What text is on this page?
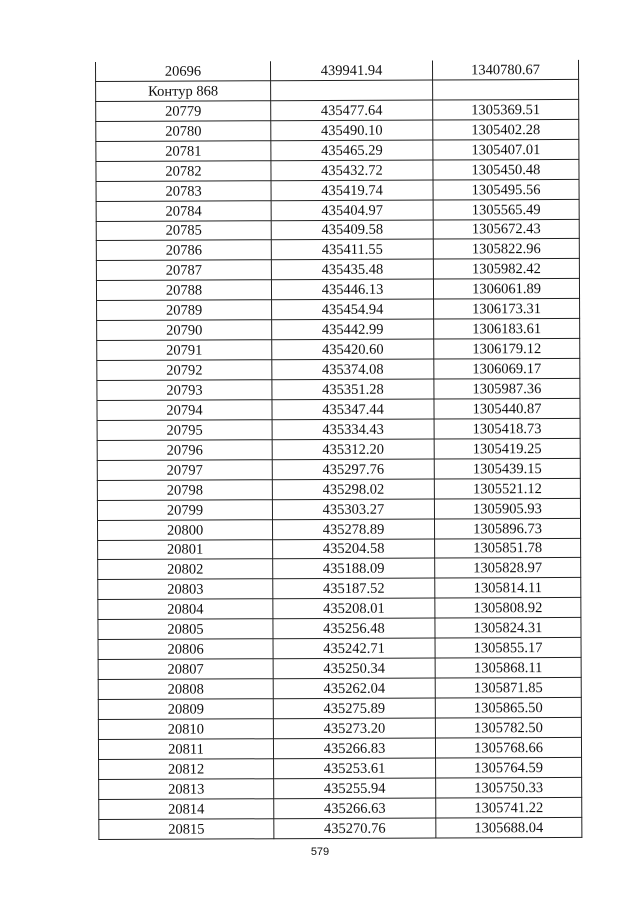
20696	439941.94	1340780.67
Контур 868		
20779	435477.64	1305369.51
20780	435490.10	1305402.28
20781	435465.29	1305407.01
20782	435432.72	1305450.48
20783	435419.74	1305495.56
20784	435404.97	1305565.49
20785	435409.58	1305672.43
20786	435411.55	1305822.96
20787	435435.48	1305982.42
20788	435446.13	1306061.89
20789	435454.94	1306173.31
20790	435442.99	1306183.61
20791	435420.60	1306179.12
20792	435374.08	1306069.17
20793	435351.28	1305987.36
20794	435347.44	1305440.87
20795	435334.43	1305418.73
20796	435312.20	1305419.25
20797	435297.76	1305439.15
20798	435298.02	1305521.12
20799	435303.27	1305905.93
20800	435278.89	1305896.73
20801	435204.58	1305851.78
20802	435188.09	1305828.97
20803	435187.52	1305814.11
20804	435208.01	1305808.92
20805	435256.48	1305824.31
20806	435242.71	1305855.17
20807	435250.34	1305868.11
20808	435262.04	1305871.85
20809	435275.89	1305865.50
20810	435273.20	1305782.50
20811	435266.83	1305768.66
20812	435253.61	1305764.59
20813	435255.94	1305750.33
20814	435266.63	1305741.22
20815	435270.76	1305688.04
579
